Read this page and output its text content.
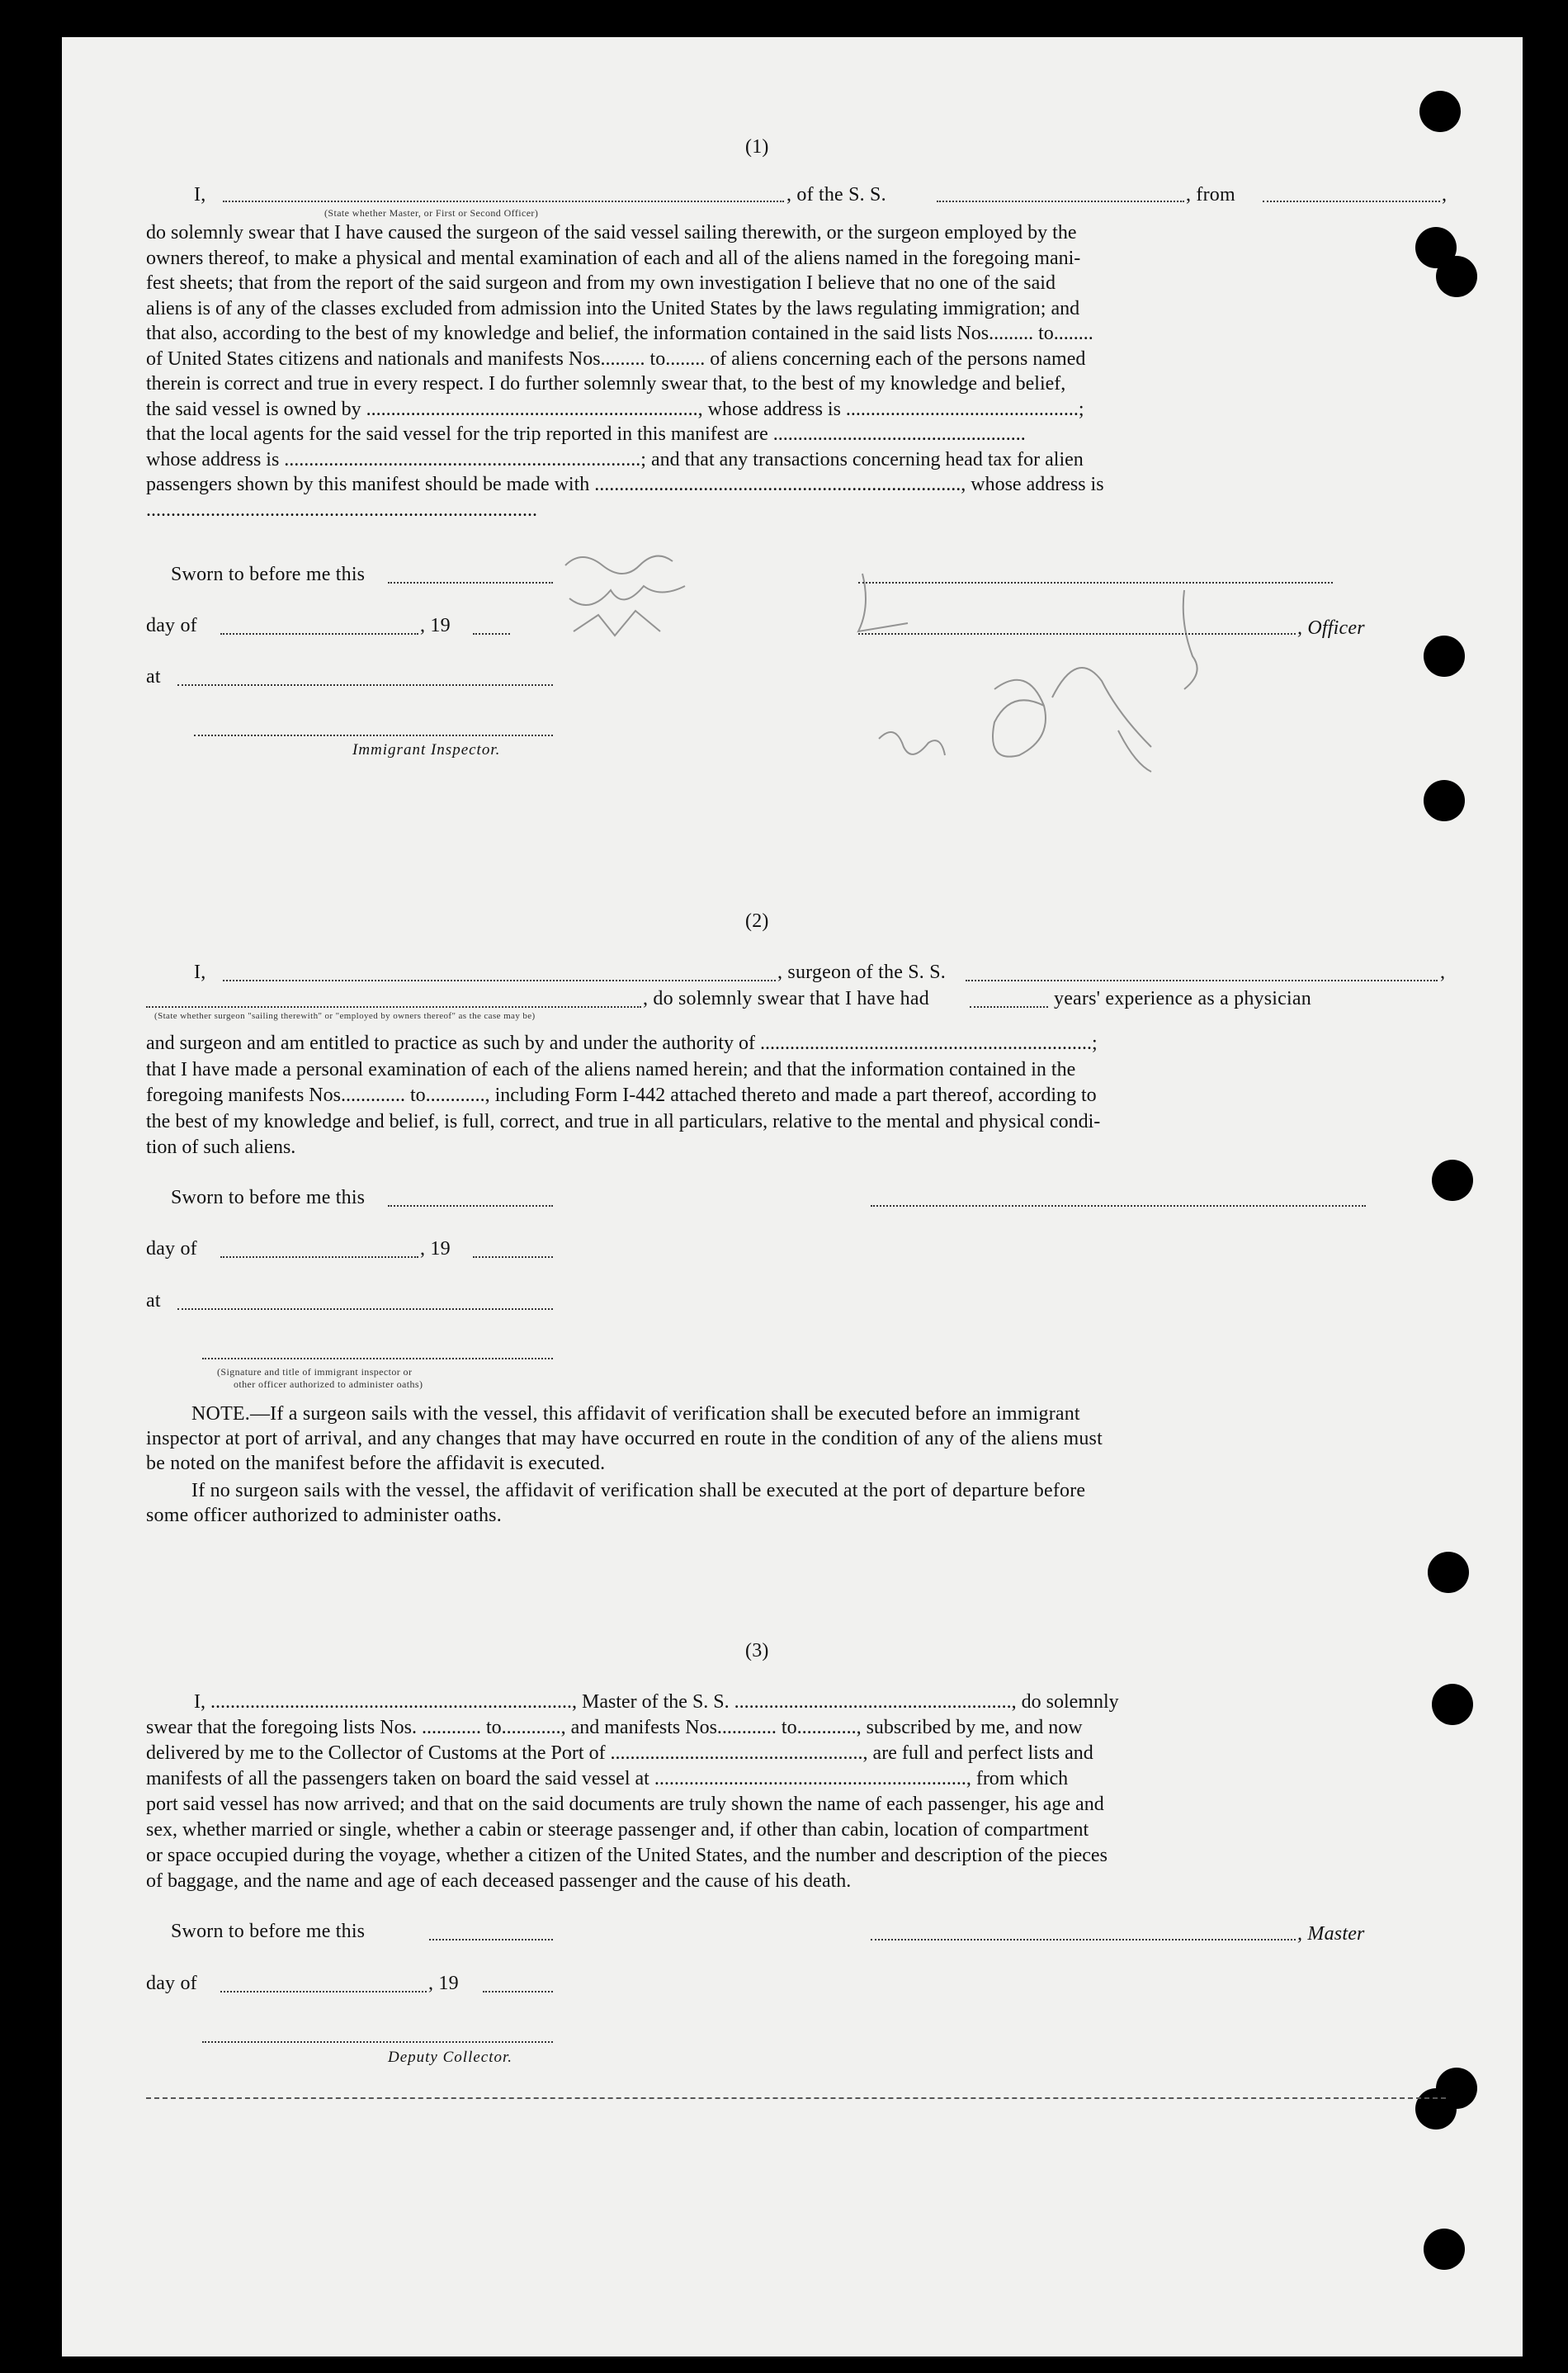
(1)
I,	, of the S. S.	, from	,
(State whether Master, or First or Second Officer)

do solemnly swear that I have caused the surgeon of the said vessel sailing therewith, or the surgeon employed by the

owners thereof, to make a physical and mental examination of each and all of the aliens named in the foregoing mani-

fest sheets; that from the report of the said surgeon and from my own investigation I believe that no one of the said

aliens is of any of the classes excluded from admission into the United States by the laws regulating immigration; and

that also, according to the best of my knowledge and belief, the information contained in the said lists Nos......... to........

of United States citizens and nationals and manifests Nos......... to........ of aliens concerning each of the persons named

therein is correct and true in every respect. I do further solemnly swear that, to the best of my knowledge and belief,

the said vessel is owned by ..................................................................., whose address is ...............................................;

that the local agents for the said vessel for the trip reported in this manifest are ...................................................

whose address is ........................................................................; and that any transactions concerning head tax for alien

passengers shown by this manifest should be made with .........................................................................., whose address is

...............................................................................

Sworn to before me this
day of	, 19	, Officer
at
Immigrant Inspector.
(2)
I,	, surgeon of the S. S.	,
, do solemnly swear that I have had	years' experience as a physician
(State whether surgeon "sailing therewith" or "employed by owners thereof" as the case may be)

and surgeon and am entitled to practice as such by and under the authority of ...................................................................;

that I have made a personal examination of each of the aliens named herein; and that the information contained in the

foregoing manifests Nos............. to............, including Form I-442 attached thereto and made a part thereof, according to

the best of my knowledge and belief, is full, correct, and true in all particulars, relative to the mental and physical condi-

tion of such aliens.

Sworn to before me this
day of	, 19
at
(Signature and title of immigrant inspector or
other officer authorized to administer oaths)
NOTE.—If a surgeon sails with the vessel, this affidavit of verification shall be executed before an immigrant
inspector at port of arrival, and any changes that may have occurred en route in the condition of any of the aliens must
be noted on the manifest before the affidavit is executed.
If no surgeon sails with the vessel, the affidavit of verification shall be executed at the port of departure before
some officer authorized to administer oaths.
(3)

I, ........................................................................., Master of the S. S. ........................................................, do solemnly

swear that the foregoing lists Nos. ............ to............, and manifests Nos............ to............, subscribed by me, and now

delivered by me to the Collector of Customs at the Port of ..................................................., are full and perfect lists and

manifests of all the passengers taken on board the said vessel at ..............................................................., from which

port said vessel has now arrived; and that on the said documents are truly shown the name of each passenger, his age and

sex, whether married or single, whether a cabin or steerage passenger and, if other than cabin, location of compartment

or space occupied during the voyage, whether a citizen of the United States, and the number and description of the pieces

of baggage, and the name and age of each deceased passenger and the cause of his death.

Sworn to before me this	, Master
day of	, 19
Deputy Collector.
